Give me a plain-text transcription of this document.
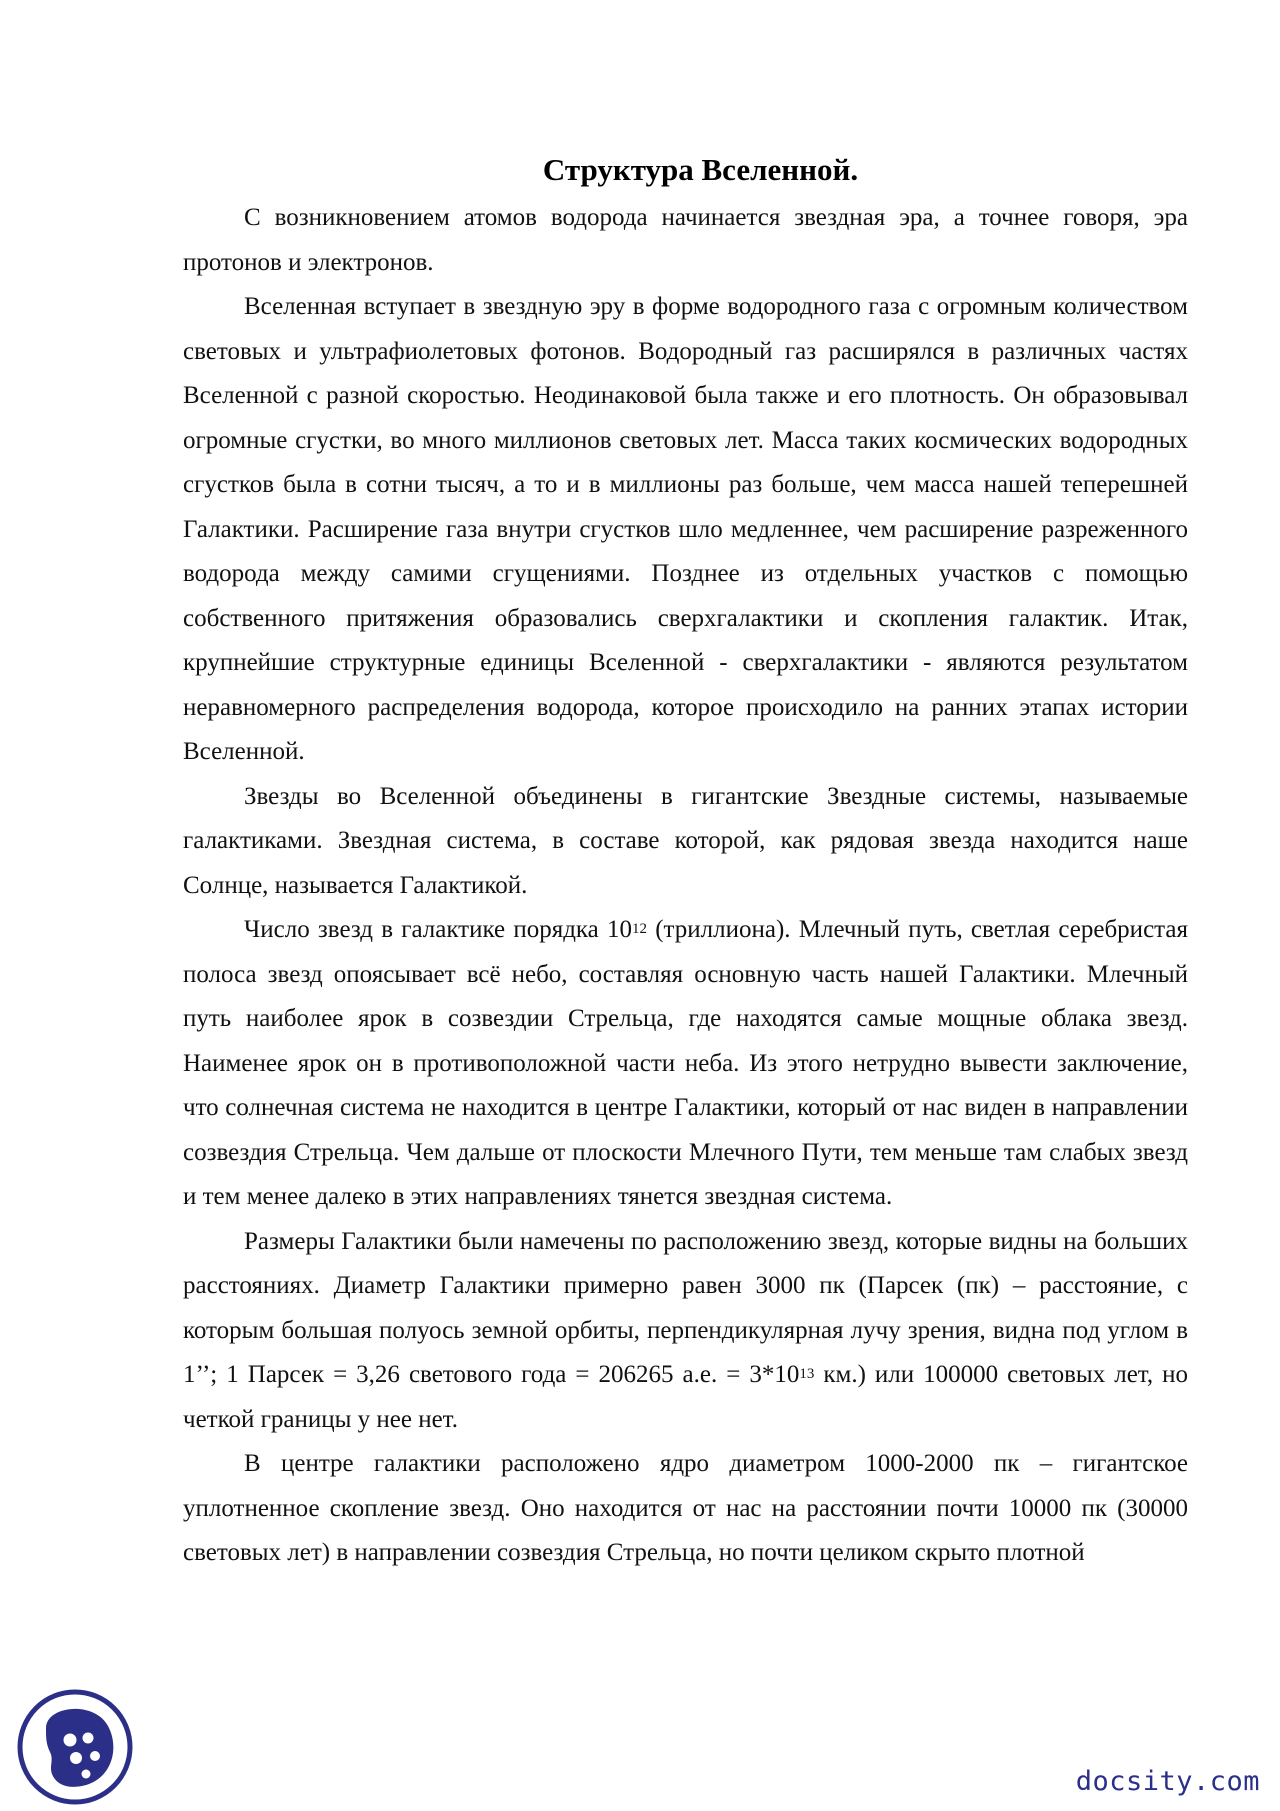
Структура Вселенной.

С возникновением атомов водорода начинается звездная эра, а точнее говоря, эра протонов и электронов.

Вселенная вступает в звездную эру в форме водородного газа с огромным количеством световых и ультрафиолетовых фотонов. Водородный газ расширялся в различных частях Вселенной с разной скоростью. Неодинаковой была также и его плотность. Он образовывал огромные сгустки, во много миллионов световых лет. Масса таких космических водородных сгустков была в сотни тысяч, а то и в миллионы раз больше, чем масса нашей теперешней Галактики. Расширение газа внутри сгустков шло медленнее, чем расширение разреженного водорода между самими сгущениями. Позднее из отдельных участков с помощью собственного притяжения образовались сверхгалактики и скопления галактик. Итак, крупнейшие структурные единицы Вселенной - сверхгалактики - являются результатом неравномерного распределения водорода, которое происходило на ранних этапах истории Вселенной.

Звезды во Вселенной объединены в гигантские Звездные системы, называемые галактиками. Звездная система, в составе которой, как рядовая звезда находится наше Солнце, называется Галактикой.

Число звезд в галактике порядка $10^{12}$ (триллиона). Млечный путь, светлая серебристая полоса звезд опоясывает всё небо, составляя основную часть нашей Галактики. Млечный путь наиболее ярок в созвездии Стрельца, где находятся самые мощные облака звезд. Наименее ярок он в противоположной части неба. Из этого нетрудно вывести заключение, что солнечная система не находится в центре Галактики, который от нас виден в направлении созвездия Стрельца. Чем дальше от плоскости Млечного Пути, тем меньше там слабых звезд и тем менее далеко в этих направлениях тянется звездная система.

Размеры Галактики были намечены по расположению звезд, которые видны на больших расстояниях. Диаметр Галактики примерно равен 3000 пк (Парсек (пк) – расстояние, с которым большая полуось земной орбиты, перпендикулярная лучу зрения, видна под углом в 1’’; 1 Парсек = 3,26 светового года = 206265 а.е. = $3*10^{13}$ км.) или 100000 световых лет, но четкой границы у нее нет.

В центре галактики расположено ядро диаметром 1000-2000 пк – гигантское уплотненное скопление звезд. Оно находится от нас на расстоянии почти 10000 пк (30000 световых лет) в направлении созвездия Стрельца, но почти целиком скрыто плотной

docsity.com
